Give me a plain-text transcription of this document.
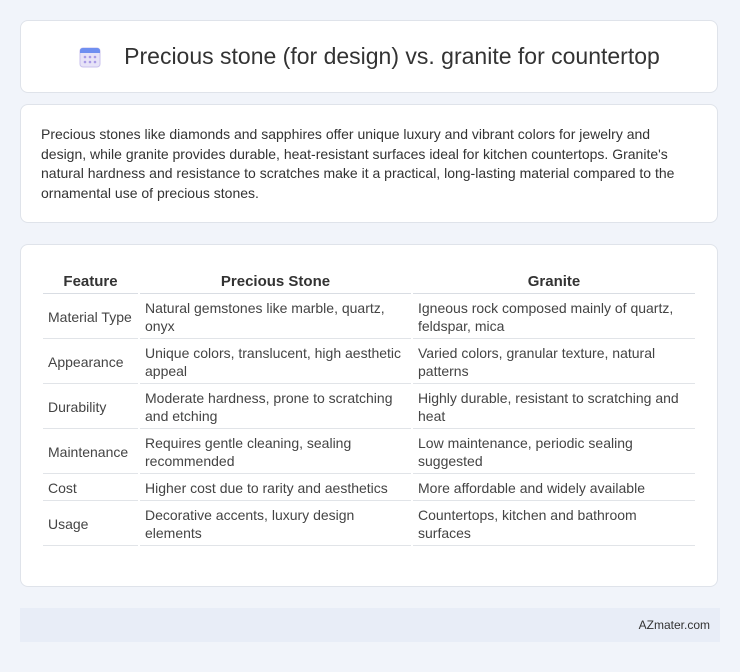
Precious stone (for design) vs. granite for countertop

Precious stones like diamonds and sapphires offer unique luxury and vibrant colors for jewelry and design, while granite provides durable, heat-resistant surfaces ideal for kitchen countertops. Granite's natural hardness and resistance to scratches make it a practical, long-lasting material compared to the ornamental use of precious stones.

Feature	Precious Stone	Granite
Material Type	Natural gemstones like marble, quartz, onyx	Igneous rock composed mainly of quartz, feldspar, mica
Appearance	Unique colors, translucent, high aesthetic appeal	Varied colors, granular texture, natural patterns
Durability	Moderate hardness, prone to scratching and etching	Highly durable, resistant to scratching and heat
Maintenance	Requires gentle cleaning, sealing recommended	Low maintenance, periodic sealing suggested
Cost	Higher cost due to rarity and aesthetics	More affordable and widely available
Usage	Decorative accents, luxury design elements	Countertops, kitchen and bathroom surfaces
AZmater.com
